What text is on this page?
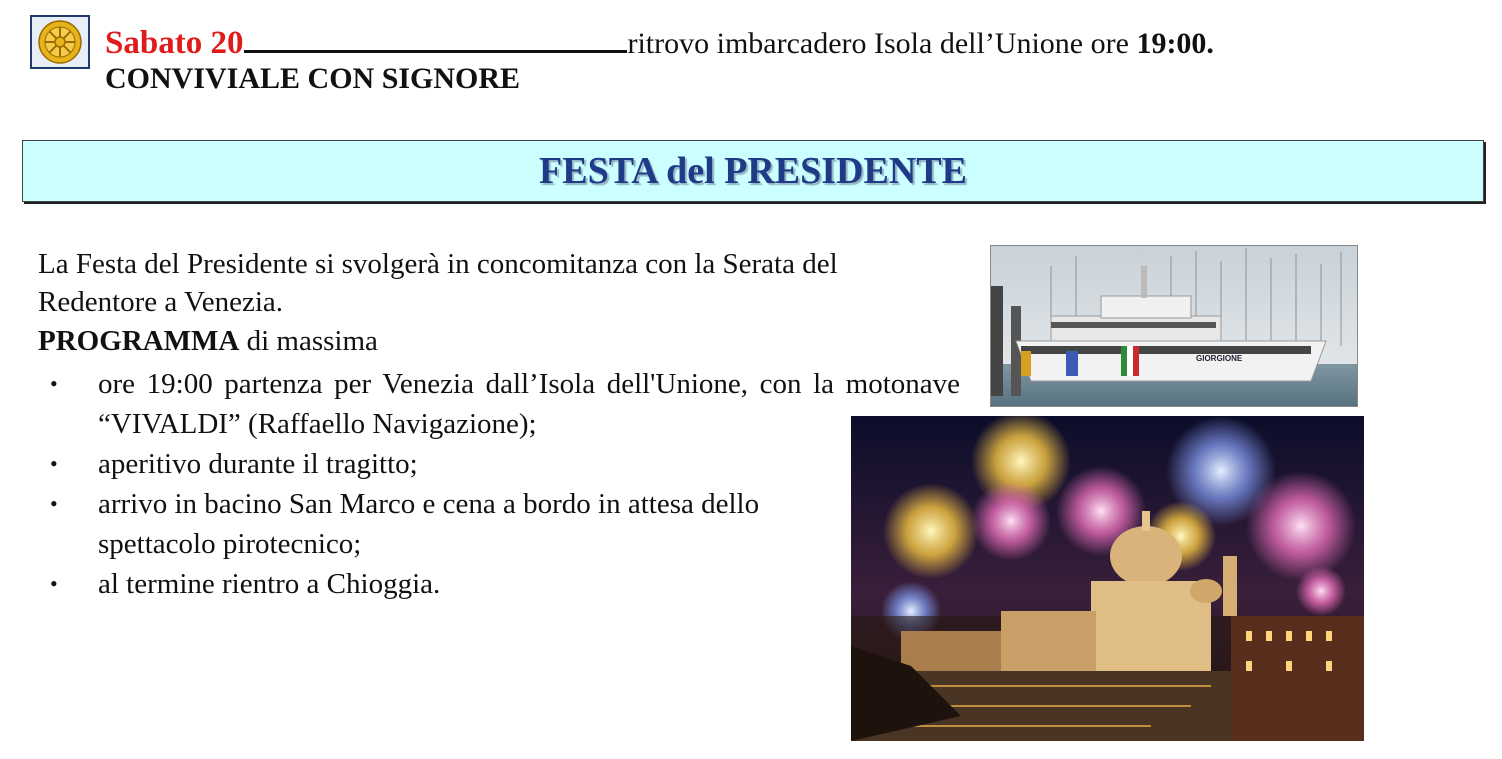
Sabato 20	ritrovo imbarcadero Isola dell’Unione ore 19:00.
CONVIVIALE CON SIGNORE
FESTA del PRESIDENTE
La Festa del Presidente si svolgerà in concomitanza con la Serata del Redentore a Venezia.
PROGRAMMA di massima
• ore 19:00 partenza per Venezia dall’Isola dell'Unione, con la motonave “VIVALDI” (Raffaello Navigazione);
• aperitivo durante il tragitto;
• arrivo in bacino San Marco e cena a bordo in attesa dello spettacolo pirotecnico;
• al termine rientro a Chioggia.
GIORGIONE
